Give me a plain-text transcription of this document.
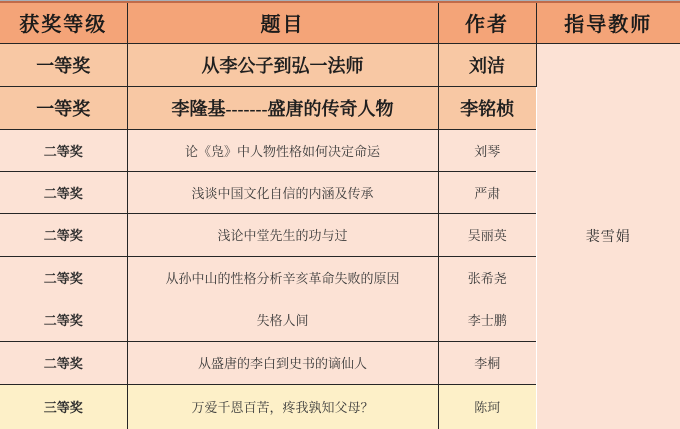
获奖等级	题目	作者	指导教师
一等奖	从李公子到弘一法师	刘洁	裴雪娟
一等奖	李隆基-------盛唐的传奇人物	李铭桢	
二等奖	论《凫》中人物性格如何决定命运	刘琴	
二等奖	浅谈中国文化自信的内涵及传承	严肃	
二等奖	浅论中堂先生的功与过	吴丽英	
二等奖	从孙中山的性格分析辛亥革命失败的原因	张希尧	
二等奖	失格人间	李士鹏	
二等奖	从盛唐的李白到史书的谪仙人	李桐	
三等奖	万爱千恩百苦，疼我孰知父母？	陈珂	
